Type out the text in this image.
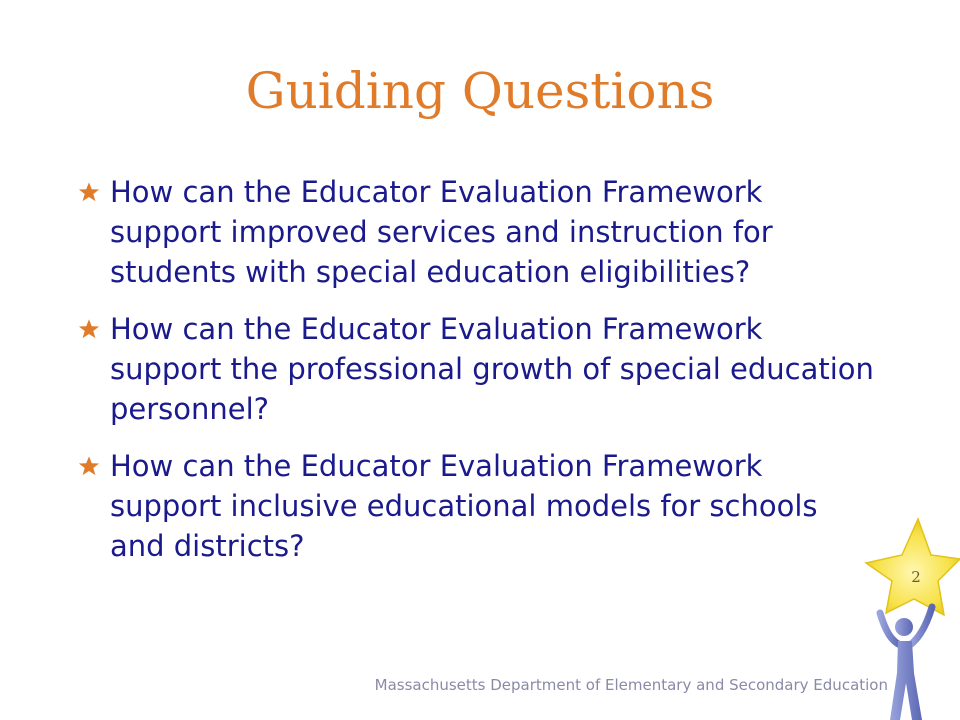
Guiding Questions
How can the Educator Evaluation Framework support improved services and instruction for students with special education eligibilities?
How can the Educator Evaluation Framework support the professional growth of special education personnel?
How can the Educator Evaluation Framework support inclusive educational models for schools and districts?
2
Massachusetts Department of Elementary and Secondary Education
